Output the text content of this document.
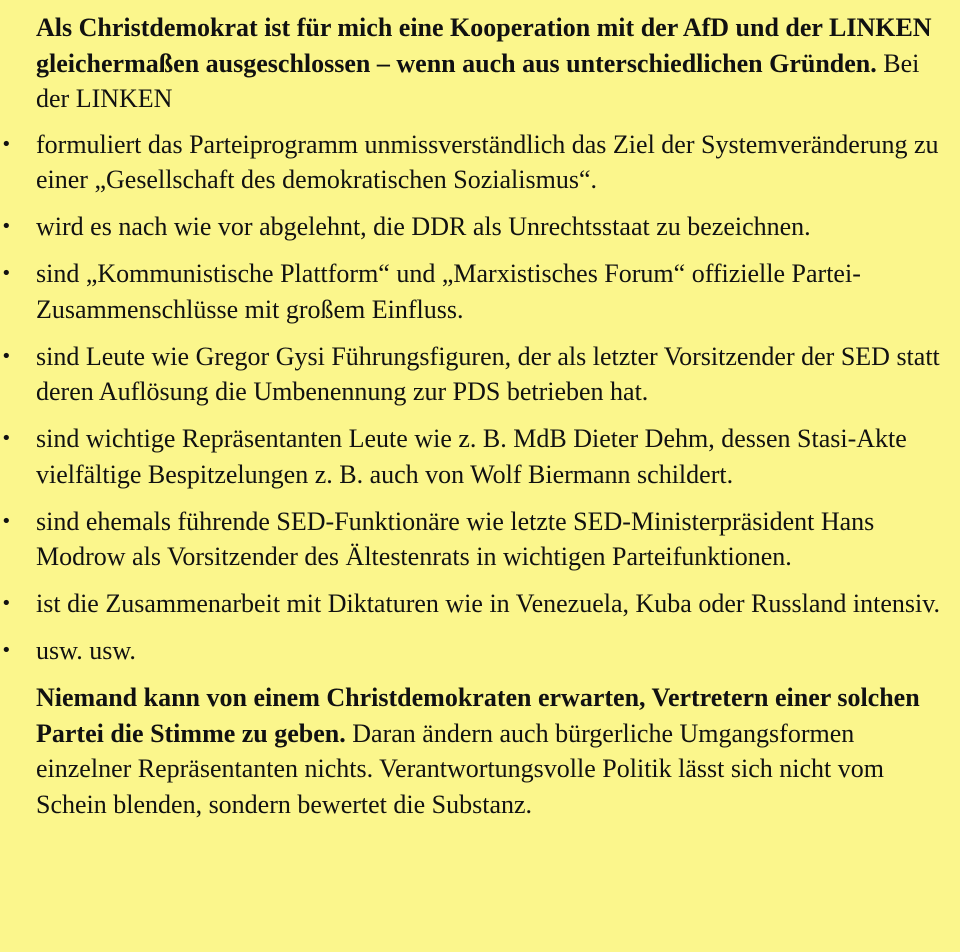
Als Christdemokrat ist für mich eine Kooperation mit der AfD und der LINKEN gleichermaßen ausgeschlossen – wenn auch aus unterschiedlichen Gründen. Bei der LINKEN

• formuliert das Parteiprogramm unmissverständlich das Ziel der Systemveränderung zu einer „Gesellschaft des demokratischen Sozialismus“.
• wird es nach wie vor abgelehnt, die DDR als Unrechtsstaat zu bezeichnen.
• sind „Kommunistische Plattform“ und „Marxistisches Forum“ offizielle Partei-Zusammenschlüsse mit großem Einfluss.
• sind Leute wie Gregor Gysi Führungsfiguren, der als letzter Vorsitzender der SED statt deren Auflösung die Umbenennung zur PDS betrieben hat.
• sind wichtige Repräsentanten Leute wie z. B. MdB Dieter Dehm, dessen Stasi-Akte vielfältige Bespitzelungen z. B. auch von Wolf Biermann schildert.
• sind ehemals führende SED-Funktionäre wie letzte SED-Ministerpräsident Hans Modrow als Vorsitzender des Ältestenrats in wichtigen Parteifunktionen.
• ist die Zusammenarbeit mit Diktaturen wie in Venezuela, Kuba oder Russland intensiv.
• usw. usw.

Niemand kann von einem Christdemokraten erwarten, Vertretern einer solchen Partei die Stimme zu geben. Daran ändern auch bürgerliche Umgangsformen einzelner Repräsentanten nichts. Verantwortungsvolle Politik lässt sich nicht vom Schein blenden, sondern bewertet die Substanz.
